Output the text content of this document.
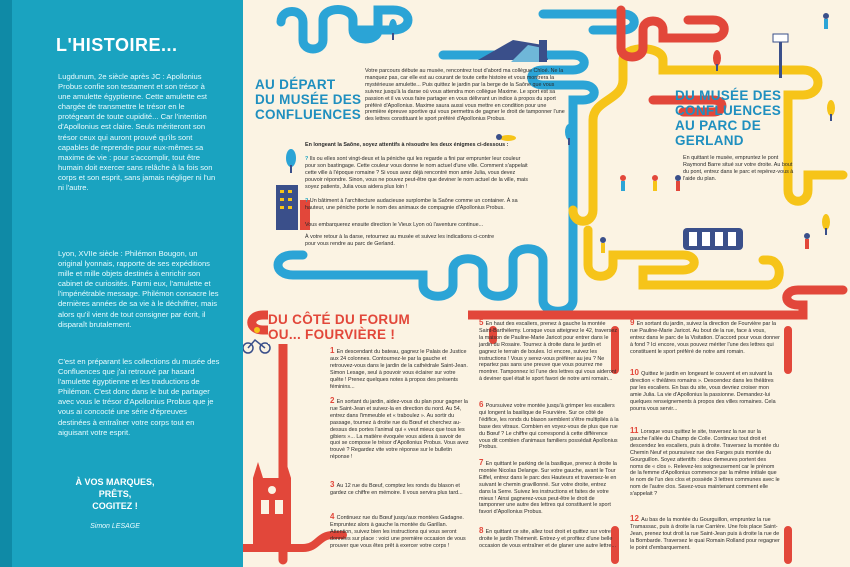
L'HISTOIRE...

Lugdunum, 2e siècle après JC : Apollonius Probus confie son testament et son trésor à une amulette égyptienne. Cette amulette est chargée de transmettre le trésor en le protégeant de toute cupidité... Car l'intention d'Apollonius est claire. Seuls mériteront son trésor ceux qui auront prouvé qu'ils sont capables de reprendre pour eux-mêmes sa maxime de vie : pour s'accomplir, tout être humain doit exercer sans relâche à la fois son corps et son esprit, sans jamais négliger ni l'un ni l'autre.

Lyon, XVIIe siècle : Philémon Bougon, un original lyonnais, rapporte de ses expéditions mille et mille objets destinés à enrichir son cabinet de curiosités. Parmi eux, l'amulette et l'impénétrable message. Philémon consacre les dernières années de sa vie à le déchiffrer, mais alors qu'il vient de tout consigner par écrit, il disparaît brutalement.

C'est en préparant les collections du musée des Confluences que j'ai retrouvé par hasard l'amulette égyptienne et les traductions de Philémon. C'est donc dans le but de partager avec vous le trésor d'Apollonius Probus que je vous ai concocté une série d'épreuves destinées à entraîner votre corps tout en aiguisant votre esprit.

À VOS MARQUES,
PRÊTS,
COGITEZ !
Simon LESAGE
AU DÉPART
DU MUSÉE DES
CONFLUENCES
DU MUSÉE DES
CONFLUENCES
AU PARC DE
GERLAND
DU CÔTÉ DU FORUM
OU... FOURVIÈRE !

Votre parcours débute au musée, rencontrez tout d'abord ma collègue Chloé. Ne la manquez pas, car elle est au courant de toute cette histoire et vous montrera la mystérieuse amulette... Puis quittez le jardin par la berge de la Saône que vous suivrez jusqu'à la darse où vous attendra mon collègue Maxime. Le sport est sa passion et il va vous faire partager en vous délivrant un indice à propos du sport préféré d'Apollonius. Maxime saura aussi vous mettre en condition pour une première épreuve sportive qui vous permettra de gagner le droit de tamponner l'une des lettres constituant le sport préféré d'Apollonius Probus.

En longeant la Saône, soyez attentifs à résoudre les deux énigmes ci-dessous :

? Ils ou elles sont vingt-deux et la péniche qui les regarde a fini par emprunter leur couleur pour son bastingage. Cette couleur vous donne le nom actuel d'une ville. Comment s'appelait cette ville à l'époque romaine ? Si vous avez déjà rencontré mon amie Julia, vous devez pouvoir répondre. Sinon, vous ne pouvez peut-être que deviner le nom actuel de la ville, mais soyez patients, Julia vous aidera plus loin !

? Un bâtiment à l'architecture audacieuse surplombe la Saône comme un container. À sa hauteur, une péniche porte le nom des animaux de compagnie d'Apollonius Probus.

Vous embarquerez ensuite direction le Vieux Lyon où l'aventure continue...

À votre retour à la darse, retournez au musée et suivez les indications ci-contre pour vous rendre au parc de Gerland.

En quittant le musée, empruntez le pont Raymond Barre situé sur votre droite. Au bout du pont, entrez dans le parc et repérez-vous à l'aide du plan.

1 En descendant du bateau, gagnez le Palais de Justice aux 24 colonnes. Contournez-le par la gauche et retrouvez-vous dans le jardin de la cathédrale Saint-Jean. Simon Lesage, seul à pouvoir vous éclairer sur votre quête ! Prenez quelques notes à propos des présents féminins...

2 En sortant du jardin, aidez-vous du plan pour gagner la rue Saint-Jean et suivez-la en direction du nord. Au 54, entrez dans l'immeuble et « traboulez ». Au sortir du passage, tournez à droite rue du Bœuf et cherchez au-dessus des portes l'animal qui « veut mieux que tous les gibiers »... La matière évoquée vous aidera à savoir de quoi se compose le trésor d'Apollonius Probus. Vous avez trouvé ? Regardez vite votre réponse sur le bulletin réponse !

3 Au 12 rue du Bœuf, comptez les ronds du blason et gardez ce chiffre en mémoire. Il vous servira plus tard...

4 Continuez rue du Bœuf jusqu'aux montées Gadagne. Empruntez alors à gauche la montée du Garillan. Attention, suivez bien les instructions qui vous seront données sur place : voici une première occasion de vous prouver que vous êtes prêt à exercer votre corps !

5 En haut des escaliers, prenez à gauche la montée Saint-Barthélemy. Lorsque vous atteignez le 42, traversez la maison de Pauline-Marie Jaricot pour entrer dans le jardin du Rosaire. Tournez à droite dans le jardin et gagnez le terrain de boules. Ici encore, suivez les instructions ! Vous y serez-vous préfèrer au jeu ? Ne repartez pas sans une preuve que vous pourrez me montrer. Tamponnez ici l'une des lettres qui vous aideront à deviner quel était le sport favori de notre ami romain...

6 Poursuivez votre montée jusqu'à grimper les escaliers qui longent la basilique de Fourvière. Sur ce côté de l'édifice, les ronds du blason semblent s'être multipliés à la base des vitraux. Combien en voyez-vous de plus que rue du Bœuf ? Le chiffre qui correspond à cette différence vous dit combien d'animaux familiers possédait Apollonius Probus.

7 En quittant le parking de la basilique, prenez à droite la montée Nicolas Delange. Sur votre gauche, avant le Tour Eiffel, entrez dans le parc des Hauteurs et traversez-le en suivant le chemin gravillonné. Sur votre droite, entrez dans la Serre. Suivez les instructions et faites de votre mieux ! Ainsi gagnerez-vous peut-être le droit de tamponner une autre des lettres qui constituent le sport favori d'Apollonius Probus.

8 En quittant ce site, allez tout droit et quittez sur votre droite le jardin Thémenit. Entrez-y et profitez d'une belle occasion de vous entraîner et de glaner une autre lettre...

9 En sortant du jardin, suivez la direction de Fourvière par la rue Pauline-Marie Jaricot. Au bout de la rue, face à vous, entrez dans le parc de la Visitation. D'accord pour vous donner à fond ? Ici encore, vous pouvez mériter l'une des lettres qui constituent le sport préféré de notre ami romain.

10 Quittez le jardin en longeant le couvent et en suivant la direction « théâtres romains ». Descendez dans les théâtres par les escaliers. En bas du site, vous devriez croiser mon amie Julia. La vie d'Apollonius la passionne. Demandez-lui quelques renseignements à propos des villes romaines. Cela pourra vous servir...

11 Lorsque vous quittez le site, traversez la rue sur la gauche l'allée du Champ de Colle. Continuez tout droit et descendez les escaliers, puis à droite. Traversez la montée du Chemin Neuf et poursuivez rue des Farges puis montée du Gourguillon. Soyez attentifs : deux demeures portent des noms de « clos ». Relevez-les soigneusement car le prénom de la femme d'Apollonius commence par la même initiale que le nom de l'un des clos et possède 3 lettres communes avec le nom de l'autre clos. Savez-vous maintenant comment elle s'appelait ?

12 Au bas de la montée du Gourguillon, empruntez la rue Tramassac, puis à droite la rue Carrière. Une fois place Saint-Jean, prenez tout droit la rue Saint-Jean puis à droite la rue de la Bombarde. Traversez le quai Romain Rolland pour regagner le point d'embarquement.
